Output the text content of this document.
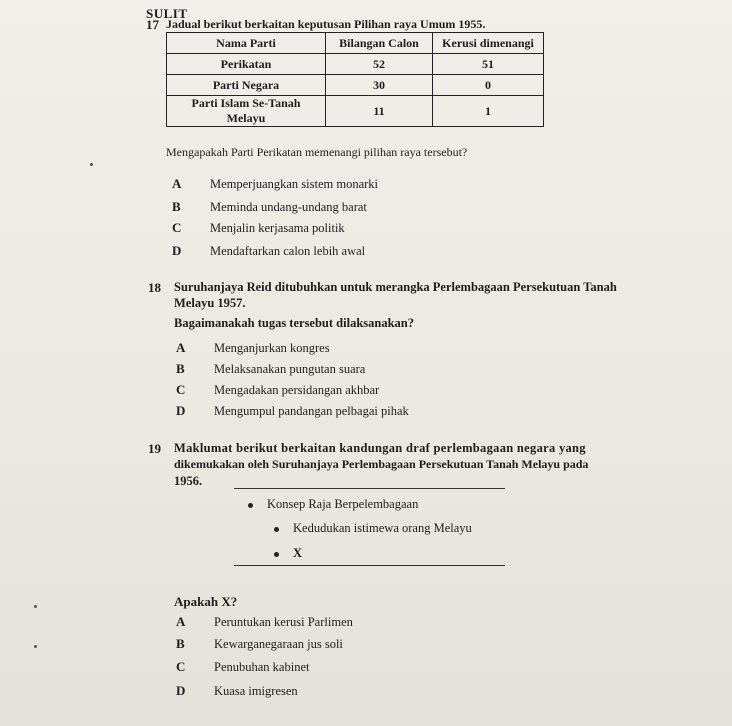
SULIT
17 Jadual berikut berkaitan keputusan Pilihan raya Umum 1955.
Nama Parti	Bilangan Calon	Kerusi dimenangi
Perikatan	52	51
Parti Negara	30	0
Parti Islam Se-Tanah Melayu	11	1
Mengapakah Parti Perikatan memenangi pilihan raya tersebut?
A Memperjuangkan sistem monarki
B Meminda undang-undang barat
C Menjalin kerjasama politik
D Mendaftarkan calon lebih awal
18 Suruhanjaya Reid ditubuhkan untuk merangka Perlembagaan Persekutuan Tanah
Melayu 1957.
Bagaimanakah tugas tersebut dilaksanakan?
A Menganjurkan kongres
B Melaksanakan pungutan suara
C Mengadakan persidangan akhbar
D Mengumpul pandangan pelbagai pihak
19 Maklumat berikut berkaitan kandungan draf perlembagaan negara yang
dikemukakan oleh Suruhanjaya Perlembagaan Persekutuan Tanah Melayu pada
1956.
Konsep Raja Berpelembagaan
Kedudukan istimewa orang Melayu
X
Apakah X?
A Peruntukan kerusi Parlimen
B Kewarganegaraan jus soli
C Penubuhan kabinet
D Kuasa imigresen
